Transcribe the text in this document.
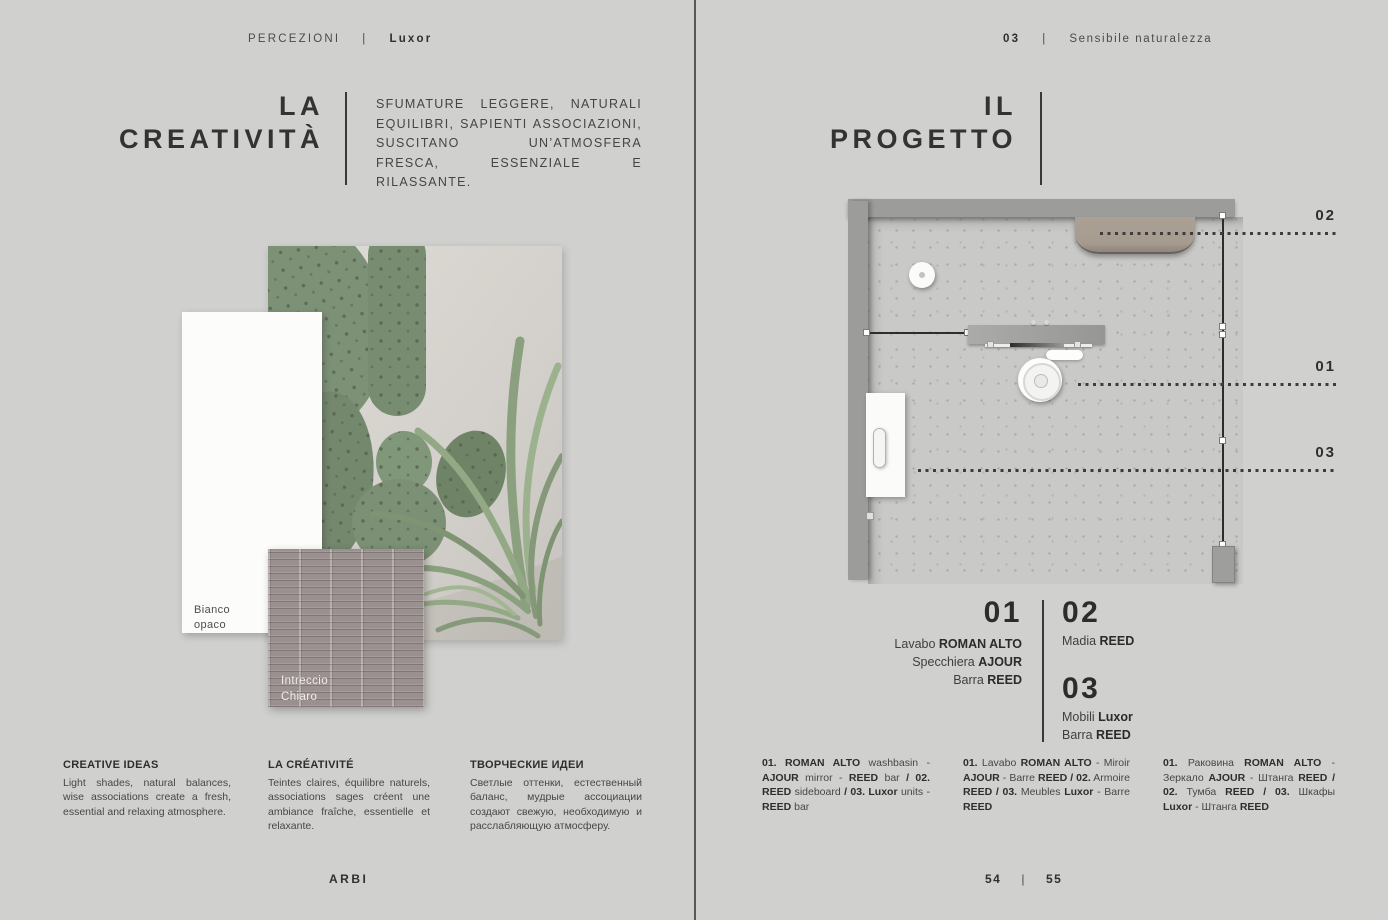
PERCEZIONI | Luxor
LA
CREATIVITÀ

SFUMATURE LEGGERE, NATURALI EQUILIBRI, SAPIENTI ASSOCIAZIONI, SUSCITANO UN’ATMOSFERA FRESCA, ESSENZIALE E RILASSANTE.

Bianco
opaco
Intreccio
Chiaro
CREATIVE IDEAS
Light shades, natural balances, wise associations create a fresh, essential and relaxing atmosphere.
LA CRÉATIVITÉ
Teintes claires, équilibre naturels, associations sages créent une ambiance fraîche, essentielle et relaxante.
ТВОРЧЕСКИЕ ИДЕИ
Светлые оттенки, естественный баланс, мудрые ассоциации создают свежую, необходимую и расслабляющую атмосферу.
ARBI
03 | Sensibile naturalezza
IL
PROGETTO
02
01
03
01
Lavabo ROMAN ALTO
Specchiera AJOUR
Barra REED
02
Madia REED
03
Mobili Luxor
Barra REED
01. ROMAN ALTO washbasin - AJOUR mirror - REED bar / 02. REED sideboard / 03. Luxor units - REED bar
01. Lavabo ROMAN ALTO - Miroir AJOUR - Barre REED / 02. Armoire REED / 03. Meubles Luxor - Barre REED
01. Раковина ROMAN ALTO - Зеркало AJOUR - Штанга REED / 02. Тумба REED / 03. Шкафы Luxor - Штанга REED
54 | 55
